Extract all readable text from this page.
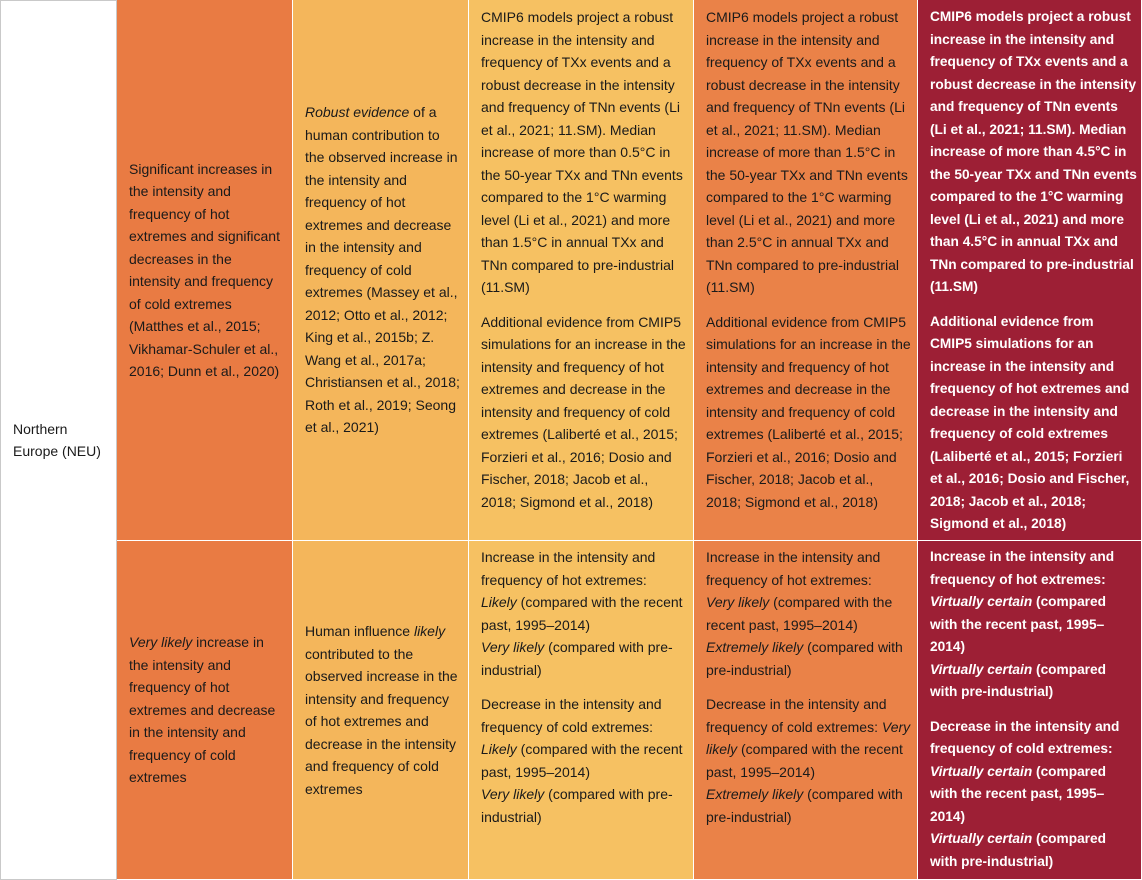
Northern Europe (NEU)
Significant increases in the intensity and frequency of hot extremes and significant decreases in the intensity and frequency of cold extremes (Matthes et al., 2015; Vikhamar-Schuler et al., 2016; Dunn et al., 2020)
Robust evidence of a human contribution to the observed increase in the intensity and frequency of hot extremes and decrease in the intensity and frequency of cold extremes (Massey et al., 2012; Otto et al., 2012; King et al., 2015b; Z. Wang et al., 2017a; Christiansen et al., 2018; Roth et al., 2019; Seong et al., 2021)
CMIP6 models project a robust increase in the intensity and frequency of TXx events and a robust decrease in the intensity and frequency of TNn events (Li et al., 2021; 11.SM). Median increase of more than 0.5°C in the 50-year TXx and TNn events compared to the 1°C warming level (Li et al., 2021) and more than 1.5°C in annual TXx and TNn compared to pre-industrial (11.SM)
Additional evidence from CMIP5 simulations for an increase in the intensity and frequency of hot extremes and decrease in the intensity and frequency of cold extremes (Laliberté et al., 2015; Forzieri et al., 2016; Dosio and Fischer, 2018; Jacob et al., 2018; Sigmond et al., 2018)
CMIP6 models project a robust increase in the intensity and frequency of TXx events and a robust decrease in the intensity and frequency of TNn events (Li et al., 2021; 11.SM). Median increase of more than 1.5°C in the 50-year TXx and TNn events compared to the 1°C warming level (Li et al., 2021) and more than 2.5°C in annual TXx and TNn compared to pre-industrial (11.SM)
Additional evidence from CMIP5 simulations for an increase in the intensity and frequency of hot extremes and decrease in the intensity and frequency of cold extremes (Laliberté et al., 2015; Forzieri et al., 2016; Dosio and Fischer, 2018; Jacob et al., 2018; Sigmond et al., 2018)
CMIP6 models project a robust increase in the intensity and frequency of TXx events and a robust decrease in the intensity and frequency of TNn events (Li et al., 2021; 11.SM). Median increase of more than 4.5°C in the 50-year TXx and TNn events compared to the 1°C warming level (Li et al., 2021) and more than 4.5°C in annual TXx and TNn compared to pre-industrial (11.SM)
Additional evidence from CMIP5 simulations for an increase in the intensity and frequency of hot extremes and decrease in the intensity and frequency of cold extremes (Laliberté et al., 2015; Forzieri et al., 2016; Dosio and Fischer, 2018; Jacob et al., 2018; Sigmond et al., 2018)
Very likely increase in the intensity and frequency of hot extremes and decrease in the intensity and frequency of cold extremes
Human influence likely contributed to the observed increase in the intensity and frequency of hot extremes and decrease in the intensity and frequency of cold extremes
Increase in the intensity and frequency of hot extremes:
Likely (compared with the recent past, 1995–2014)
Very likely (compared with pre-industrial)
Decrease in the intensity and frequency of cold extremes: Likely (compared with the recent past, 1995–2014)
Very likely (compared with pre-industrial)
Increase in the intensity and frequency of hot extremes:
Very likely (compared with the recent past, 1995–2014)
Extremely likely (compared with pre-industrial)
Decrease in the intensity and frequency of cold extremes: Very likely (compared with the recent past, 1995–2014)
Extremely likely (compared with pre-industrial)
Increase in the intensity and frequency of hot extremes:
Virtually certain (compared with the recent past, 1995–2014)
Virtually certain (compared with pre-industrial)
Decrease in the intensity and frequency of cold extremes: Virtually certain (compared with the recent past, 1995–2014)
Virtually certain (compared with pre-industrial)
